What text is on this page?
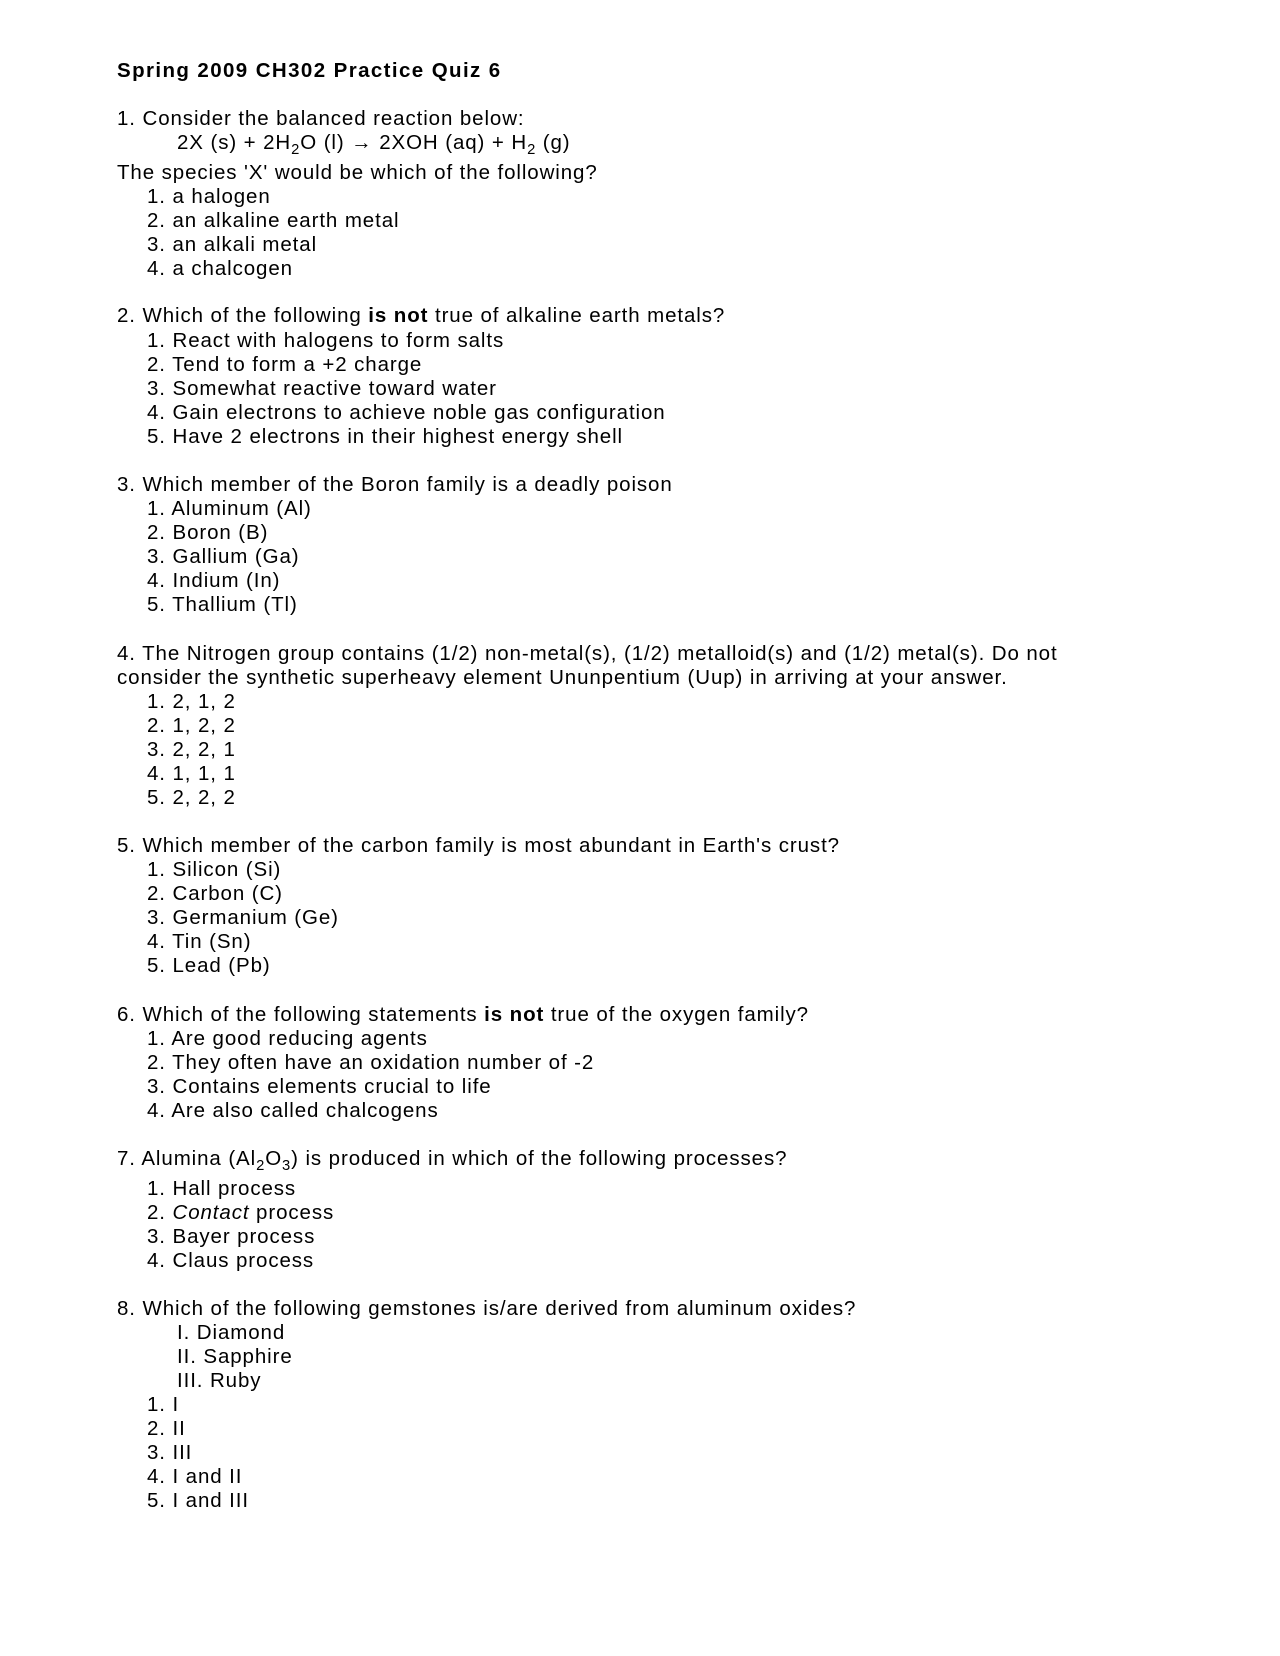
Spring 2009 CH302 Practice Quiz 6
1. Consider the balanced reaction below:
2X $(s) + 2H_2O$ (l) → 2XOH $(aq) + H_2$ (g)
The species 'X' would be which of the following?
1. a halogen
2. an alkaline earth metal
3. an alkali metal
4. a chalcogen
2. Which of the following is not true of alkaline earth metals?
1. React with halogens to form salts
2. Tend to form a +2 charge
3. Somewhat reactive toward water
4. Gain electrons to achieve noble gas configuration
5. Have 2 electrons in their highest energy shell
3. Which member of the Boron family is a deadly poison
1. Aluminum (Al)
2. Boron (B)
3. Gallium (Ga)
4. Indium (In)
5. Thallium (Tl)
4. The Nitrogen group contains (1/2) non-metal(s), (1/2) metalloid(s) and (1/2) metal(s). Do not
consider the synthetic superheavy element Ununpentium (Uup) in arriving at your answer.
1. 2, 1, 2
2. 1, 2, 2
3. 2, 2, 1
4. 1, 1, 1
5. 2, 2, 2
5. Which member of the carbon family is most abundant in Earth's crust?
1. Silicon (Si)
2. Carbon (C)
3. Germanium (Ge)
4. Tin (Sn)
5. Lead (Pb)
6. Which of the following statements is not true of the oxygen family?
1. Are good reducing agents
2. They often have an oxidation number of -2
3. Contains elements crucial to life
4. Are also called chalcogens
7. Alumina $(Al_2O_3)$ is produced in which of the following processes?
1. Hall process
2. Contact process
3. Bayer process
4. Claus process
8. Which of the following gemstones is/are derived from aluminum oxides?
I. Diamond
II. Sapphire
III. Ruby
1. I
2. II
3. III
4. I and II
5. I and III
